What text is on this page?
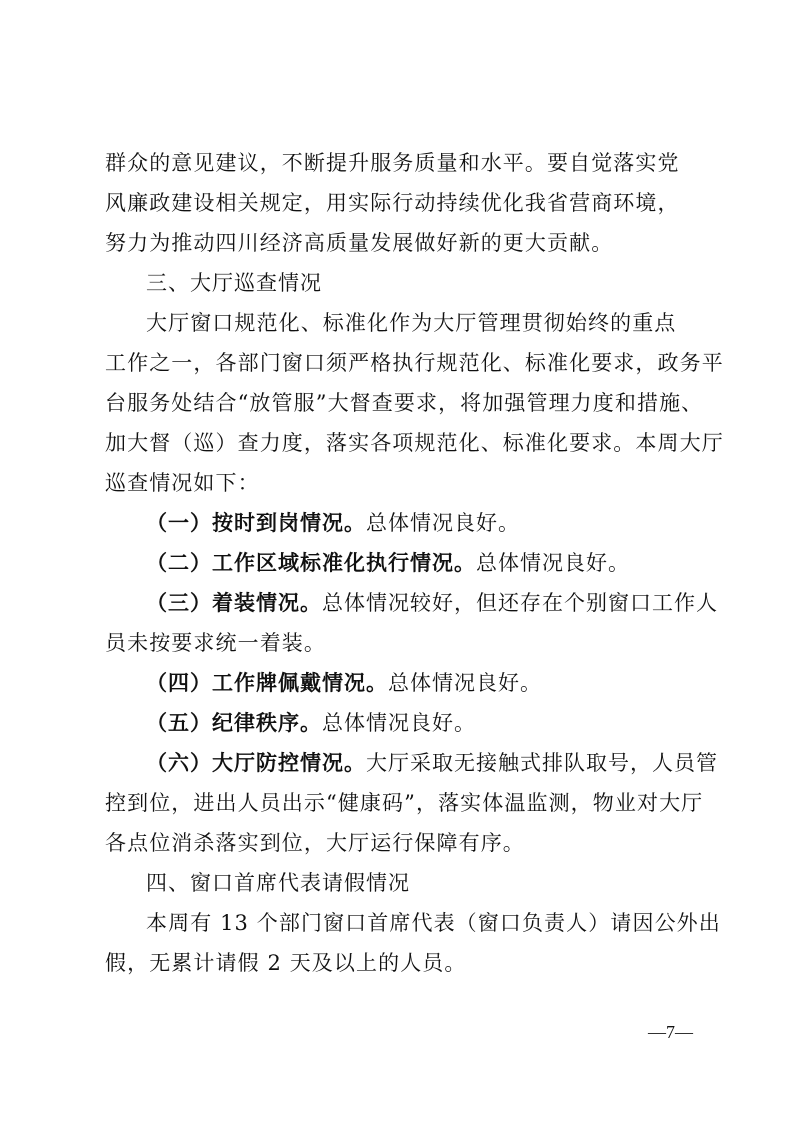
群众的意见建议，不断提升服务质量和水平。要自觉落实党
风廉政建设相关规定，用实际行动持续优化我省营商环境，
努力为推动四川经济高质量发展做好新的更大贡献。
三、大厅巡查情况
大厅窗口规范化、标准化作为大厅管理贯彻始终的重点
工作之一，各部门窗口须严格执行规范化、标准化要求，政务平
台服务处结合“放管服”大督查要求，将加强管理力度和措施、
加大督（巡）查力度，落实各项规范化、标准化要求。本周大厅
巡查情况如下：
（一）按时到岗情况。总体情况良好。
（二）工作区域标准化执行情况。总体情况良好。
（三）着装情况。总体情况较好，但还存在个别窗口工作人
员未按要求统一着装。
（四）工作牌佩戴情况。总体情况良好。
（五）纪律秩序。总体情况良好。
（六）大厅防控情况。大厅采取无接触式排队取号，人员管
控到位，进出人员出示“健康码”，落实体温监测，物业对大厅
各点位消杀落实到位，大厅运行保障有序。
四、窗口首席代表请假情况
本周有 13 个部门窗口首席代表（窗口负责人）请因公外出
假，无累计请假 2 天及以上的人员。
—7—
